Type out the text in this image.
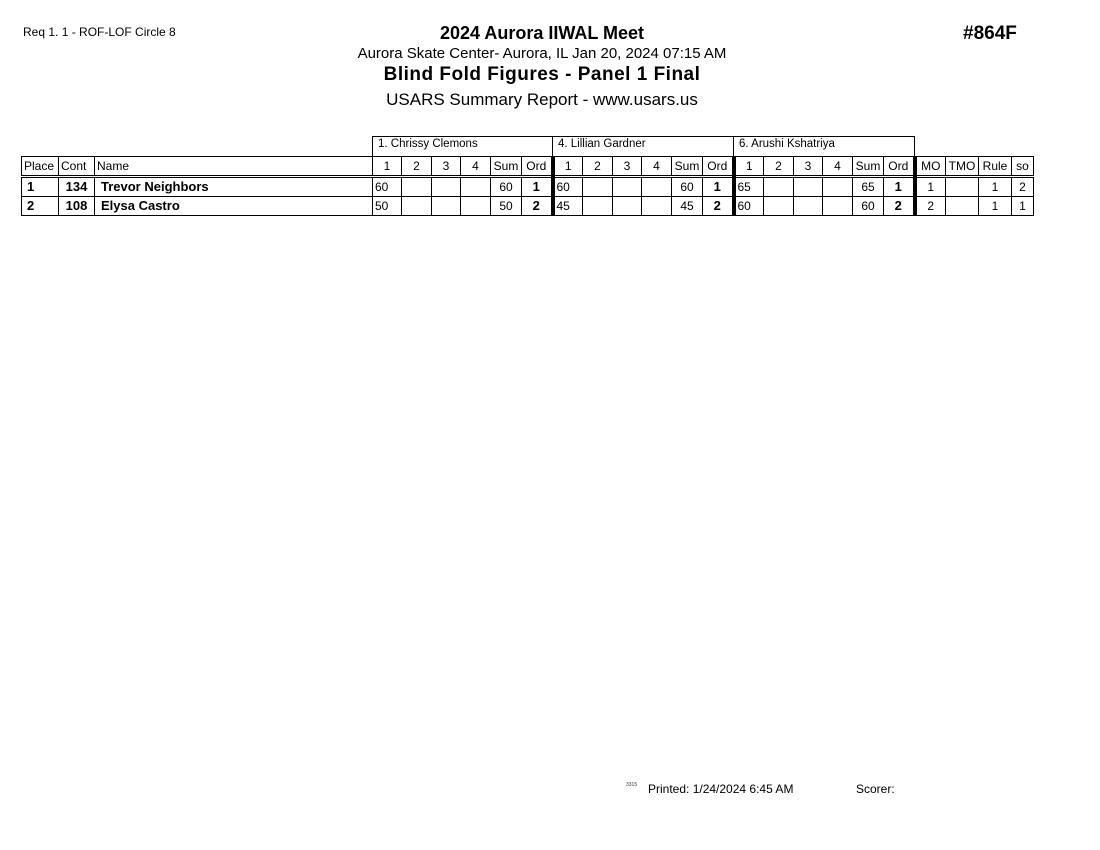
Req 1. 1 - ROF-LOF Circle 8	2024 Aurora IIWAL Meet
Aurora Skate Center- Aurora, IL Jan 20, 2024 07:15 AM
Blind Fold Figures - Panel 1 Final
USARS Summary Report - www.usars.us
#864F
			1. Chrissy Clemons						4. Lillian Gardner						6. Arushi Kshatriya									
Place	Cont	Name	1	2	3	4	Sum	Ord	1	2	3	4	Sum	Ord	1	2	3	4	Sum	Ord	MO	TMO	Rule	so
1	134	Trevor Neighbors	60				60	1	60				60	1	65				65	1	1		1	2
2	108	Elysa Castro	50				50	2	45				45	2	60				60	2	2		1	1
3315 Printed: 1/24/2024 6:45 AM	Scorer:
